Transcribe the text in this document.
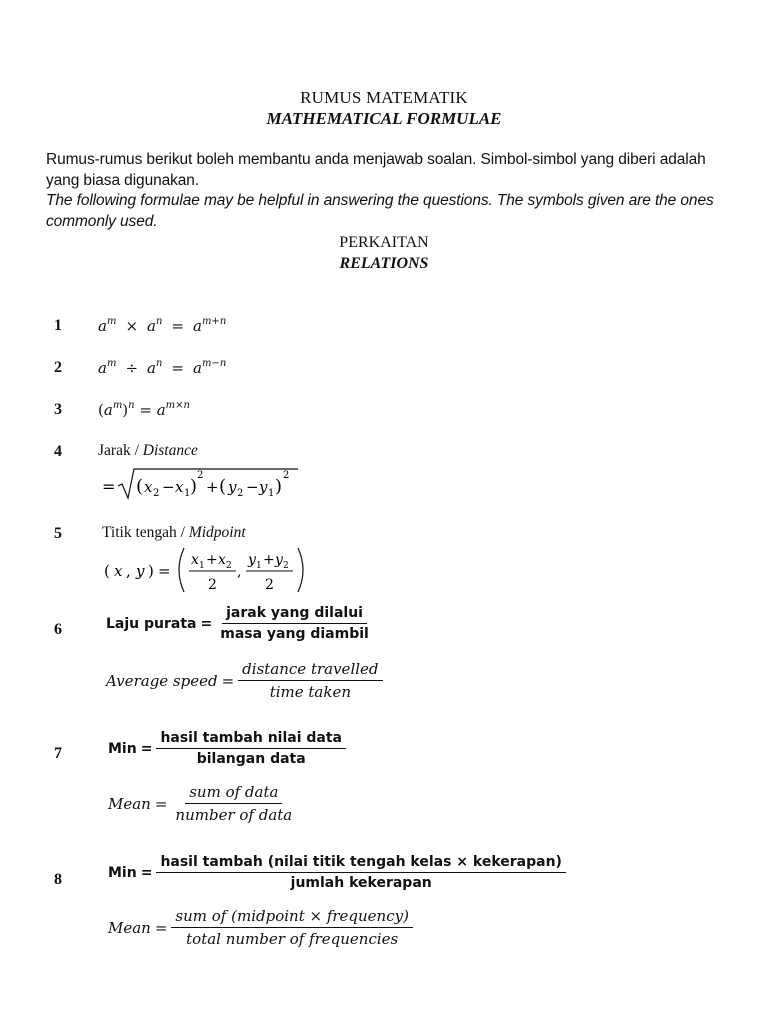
RUMUS MATEMATIK
MATHEMATICAL FORMULAE
Rumus-rumus berikut boleh membantu anda menjawab soalan. Simbol-simbol yang diberi adalah yang biasa digunakan.
The following formulae may be helpful in answering the questions. The symbols given are the ones commonly used.
PERKAITAN
RELATIONS
1 $a^m \times a^n = a^{m+n}$
2 $a^m \div a^n = a^{m-n}$
3 $(a^m)^n = a^{m\times n}$
4 Jarak / Distance
= ( x 2 − x 1 )
2
+ ( y 2 − y 1 )
2
5	Titik tengah / Midpoint
( x , y ) =
x 1 + x 2
2
,
y 1 + y 2
2
6	Laju purata = $\frac{\text{jarak yang dilalui}}{\text{masa yang diambil}}$
Average speed = $\frac{\text{distance travelled}}{\text{time taken}}$
7	Min = $\frac{\text{hasil tambah nilai data}}{\text{bilangan data}}$
Mean = $\frac{\text{sum of data}}{\text{number of data}}$
8	Min = $\frac{\text{hasil tambah (nilai titik tengah kelas × kekerapan)}}{\text{jumlah kekerapan}}$
Mean = $\frac{\text{sum of (midpoint × frequency)}}{\text{total number of frequencies}}$
